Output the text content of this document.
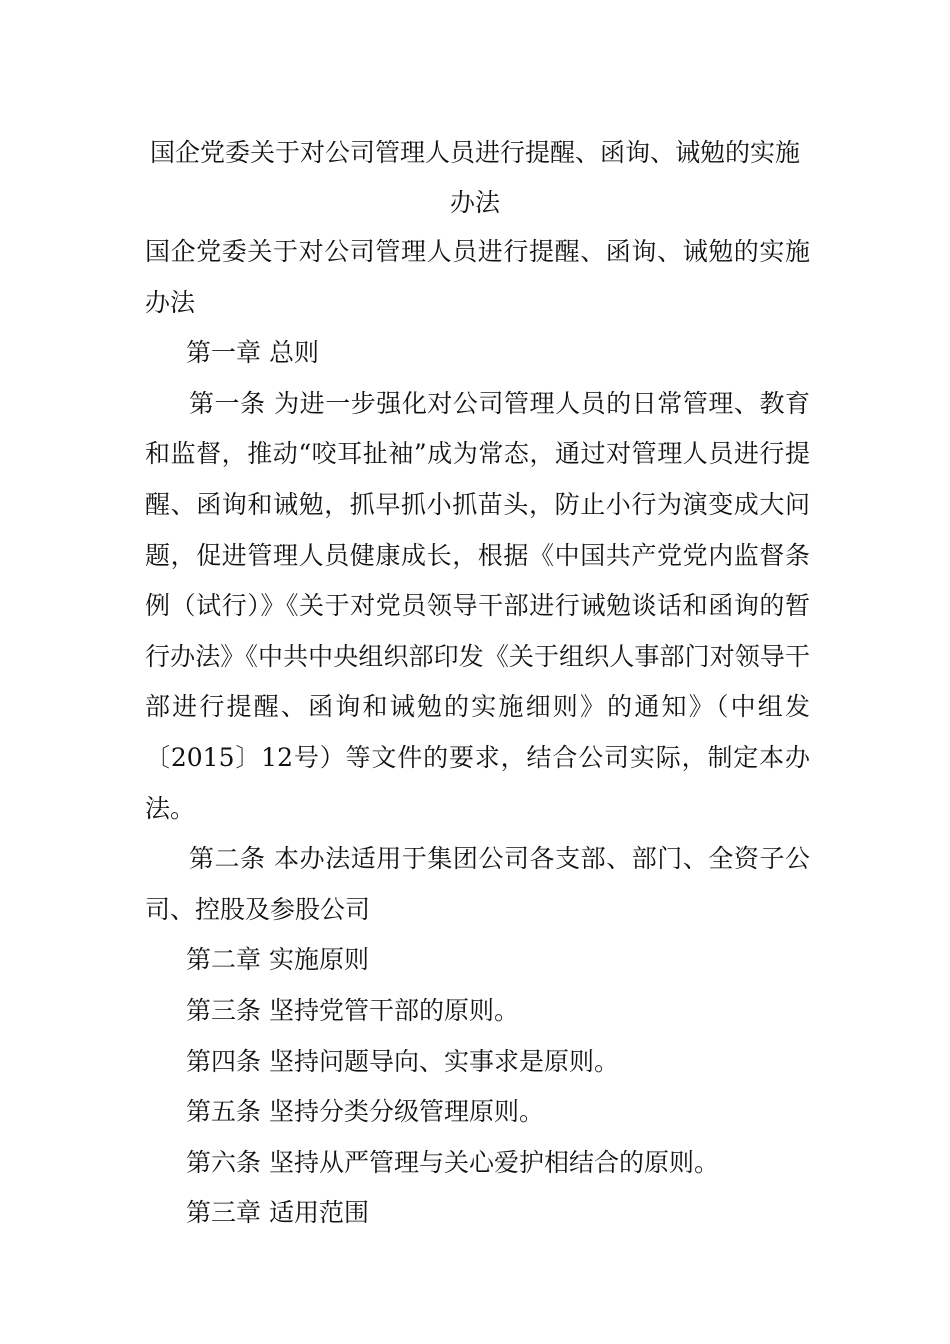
国企党委关于对公司管理人员进行提醒、函询、诫勉的实施办法

国企党委关于对公司管理人员进行提醒、函询、诫勉的实施办法

第一章 总则

第一条 为进一步强化对公司管理人员的日常管理、教育和监督，推动“咬耳扯袖”成为常态，通过对管理人员进行提醒、函询和诫勉，抓早抓小抓苗头，防止小行为演变成大问题，促进管理人员健康成长，根据《中国共产党党内监督条 例（试行）》《关于对党员领导干部进行诫勉谈话和函询的暂行办法》《中共中央组织部印发《关于组织人事部门对领导干部进行提醒、函询和诫勉的实施细则》的通知》（中组发〔2015〕12号）等文件的要求，结合公司实际，制定本办法。

第二条 本办法适用于集团公司各支部、部门、全资子公司、控股及参股公司

第二章 实施原则

第三条 坚持党管干部的原则。

第四条 坚持问题导向、实事求是原则。

第五条 坚持分类分级管理原则。

第六条 坚持从严管理与关心爱护相结合的原则。

第三章 适用范围
